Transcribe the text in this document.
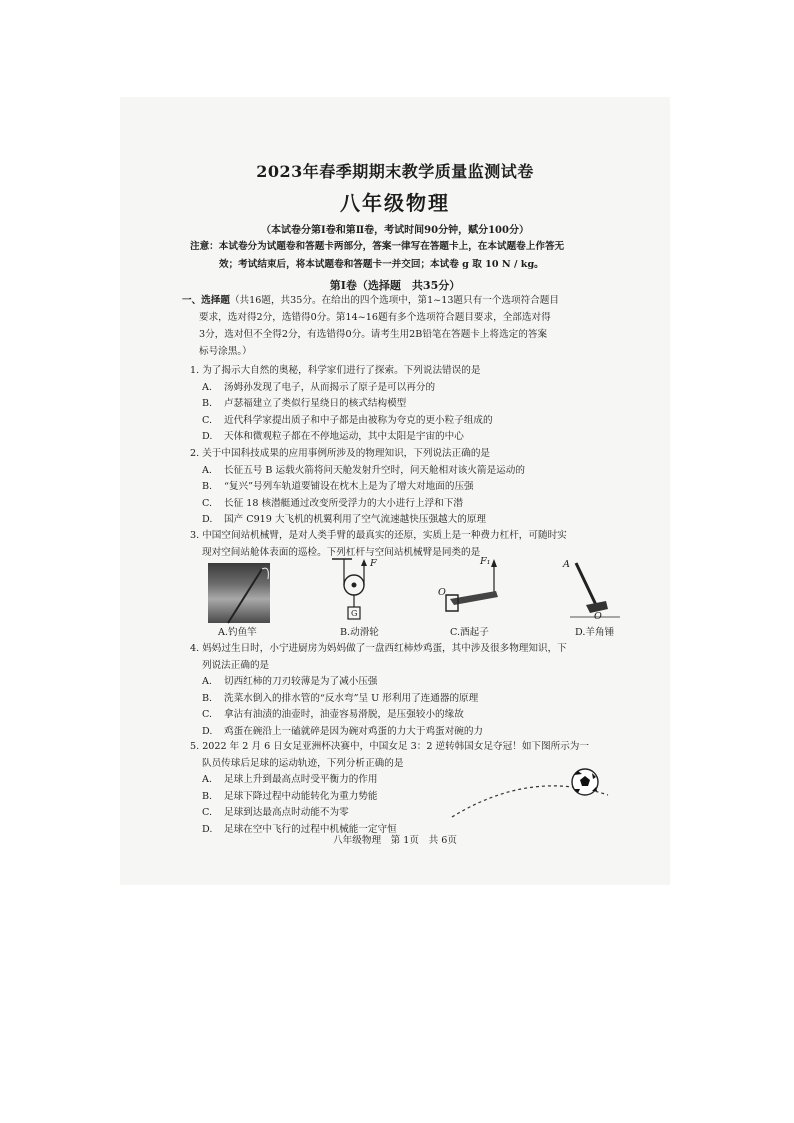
2023年春季期期末教学质量监测试卷
八年级物理
（本试卷分第Ⅰ卷和第Ⅱ卷，考试时间90分钟，赋分100分）
注意：本试卷分为试题卷和答题卡两部分，答案一律写在答题卡上，在本试题卷上作答无
效；考试结束后，将本试题卷和答题卡一并交回；本试卷 g 取 10 N / kg。
第Ⅰ卷（选择题　共35分）
一、选择题（共16题，共35分。在给出的四个选项中，第1~13题只有一个选项符合题目
要求，选对得2分，选错得0分。第14~16题有多个选项符合题目要求，全部选对得
3分，选对但不全得2分，有选错得0分。请考生用2B铅笔在答题卡上将选定的答案
标号涂黑。）
1. 为了揭示大自然的奥秘，科学家们进行了探索。下列说法错误的是
A. 汤姆孙发现了电子，从而揭示了原子是可以再分的
B. 卢瑟福建立了类似行星绕日的核式结构模型
C. 近代科学家提出质子和中子都是由被称为夸克的更小粒子组成的
D. 天体和微观粒子都在不停地运动，其中太阳是宇宙的中心
2. 关于中国科技成果的应用事例所涉及的物理知识，下列说法正确的是
A. 长征五号 B 运载火箭将问天舱发射升空时，问天舱相对该火箭是运动的
B. “复兴”号列车轨道要铺设在枕木上是为了增大对地面的压强
C. 长征 18 核潜艇通过改变所受浮力的大小进行上浮和下潜
D. 国产 C919 大飞机的机翼利用了空气流速越快压强越大的原理
3. 中国空间站机械臂，是对人类手臂的最真实的还原，实质上是一种费力杠杆，可随时实
现对空间站舱体表面的巡检。下列杠杆与空间站机械臂是同类的是
F
G
F₁
O
A
O
A.钓鱼竿	B.动滑轮	C.酒起子	D.羊角锤
4. 妈妈过生日时，小宁进厨房为妈妈做了一盘西红柿炒鸡蛋，其中涉及很多物理知识，下
列说法正确的是
A. 切西红柿的刀刃较薄是为了减小压强
B. 洗菜水倒入的排水管的“反水弯”呈 U 形利用了连通器的原理
C. 拿沾有油渍的油壶时，油壶容易滑脱，是压强较小的缘故
D. 鸡蛋在碗沿上一磕就碎是因为碗对鸡蛋的力大于鸡蛋对碗的力
5. 2022 年 2 月 6 日女足亚洲杯决赛中，中国女足 3：2 逆转韩国女足夺冠！如下图所示为一
队员传球后足球的运动轨迹，下列分析正确的是
A. 足球上升到最高点时受平衡力的作用
B. 足球下降过程中动能转化为重力势能
C. 足球到达最高点时动能不为零
D. 足球在空中飞行的过程中机械能一定守恒
八年级物理　第 1页　共 6页
